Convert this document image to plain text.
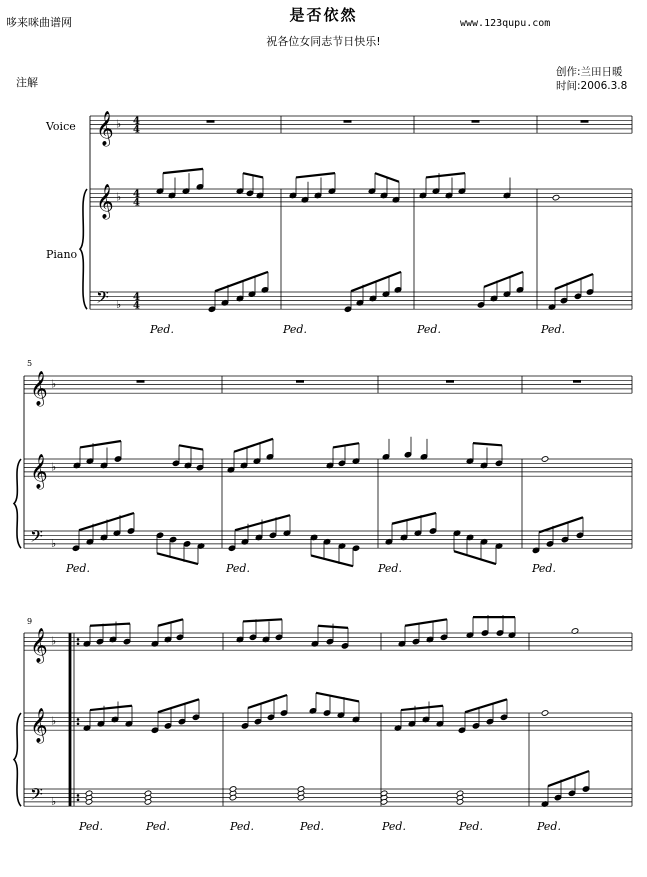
哆来咪曲谱网	是否依然	www.123qupu.com
祝各位女同志节日快乐!
注解
创作:兰田日暖
时间:2006.3.8
Voice
Piano
5
9
𝄞 ♭ 4
4
𝄞 ♭ 4
4
𝄢 ♭
4
4
Ped.	Ped.	Ped.	Ped.
𝄞 ♭
𝄞 ♭
𝄢 ♭
Ped.	Ped.	Ped.	Ped.
𝄞 ♭
𝄞 ♭
𝄢 ♭
Ped.	Ped.	Ped.	Ped.	Ped.	Ped.	Ped.
